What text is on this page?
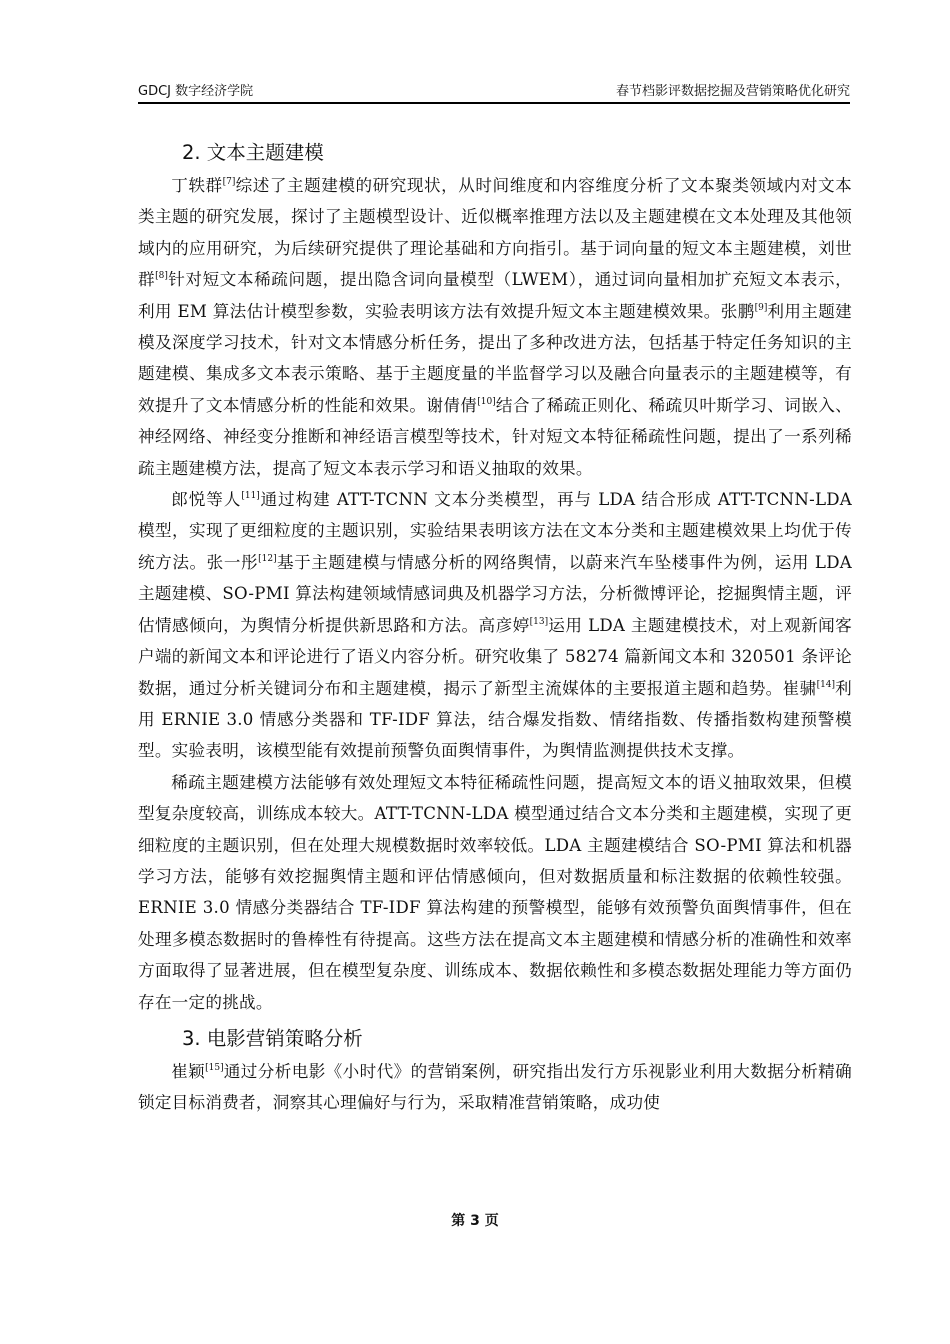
GDCJ 数字经济学院	春节档影评数据挖掘及营销策略优化研究
2. 文本主题建模

丁轶群[7]综述了主题建模的研究现状，从时间维度和内容维度分析了文本聚类领域内对文本类主题的研究发展，探讨了主题模型设计、近似概率推理方法以及主题建模在文本处理及其他领域内的应用研究，为后续研究提供了理论基础和方向指引。基于词向量的短文本主题建模，刘世群[8]针对短文本稀疏问题，提出隐含词向量模型（LWEM），通过词向量相加扩充短文本表示，利用 EM 算法估计模型参数，实验表明该方法有效提升短文本主题建模效果。张鹏[9]利用主题建模及深度学习技术，针对文本情感分析任务，提出了多种改进方法，包括基于特定任务知识的主题建模、集成多文本表示策略、基于主题度量的半监督学习以及融合向量表示的主题建模等，有效提升了文本情感分析的性能和效果。谢倩倩[10]结合了稀疏正则化、稀疏贝叶斯学习、词嵌入、神经网络、神经变分推断和神经语言模型等技术，针对短文本特征稀疏性问题，提出了一系列稀疏主题建模方法，提高了短文本表示学习和语义抽取的效果。

郎悦等人[11]通过构建 ATT-TCNN 文本分类模型，再与 LDA 结合形成 ATT-TCNN-LDA 模型，实现了更细粒度的主题识别，实验结果表明该方法在文本分类和主题建模效果上均优于传统方法。张一彤[12]基于主题建模与情感分析的网络舆情，以蔚来汽车坠楼事件为例，运用 LDA 主题建模、SO-PMI 算法构建领域情感词典及机器学习方法，分析微博评论，挖掘舆情主题，评估情感倾向，为舆情分析提供新思路和方法。高彦婷[13]运用 LDA 主题建模技术，对上观新闻客户端的新闻文本和评论进行了语义内容分析。研究收集了 58274 篇新闻文本和 320501 条评论数据，通过分析关键词分布和主题建模，揭示了新型主流媒体的主要报道主题和趋势。崔骕[14]利用 ERNIE 3.0 情感分类器和 TF-IDF 算法，结合爆发指数、情绪指数、传播指数构建预警模型。实验表明，该模型能有效提前预警负面舆情事件，为舆情监测提供技术支撑。

稀疏主题建模方法能够有效处理短文本特征稀疏性问题，提高短文本的语义抽取效果，但模型复杂度较高，训练成本较大。ATT-TCNN-LDA 模型通过结合文本分类和主题建模，实现了更细粒度的主题识别，但在处理大规模数据时效率较低。LDA 主题建模结合 SO-PMI 算法和机器学习方法，能够有效挖掘舆情主题和评估情感倾向，但对数据质量和标注数据的依赖性较强。ERNIE 3.0 情感分类器结合 TF-IDF 算法构建的预警模型，能够有效预警负面舆情事件，但在处理多模态数据时的鲁棒性有待提高。这些方法在提高文本主题建模和情感分析的准确性和效率方面取得了显著进展，但在模型复杂度、训练成本、数据依赖性和多模态数据处理能力等方面仍存在一定的挑战。

3. 电影营销策略分析

崔颖[15]通过分析电影《小时代》的营销案例，研究指出发行方乐视影业利用大数据分析精确锁定目标消费者，洞察其心理偏好与行为，采取精准营销策略，成功使

第 3 页
